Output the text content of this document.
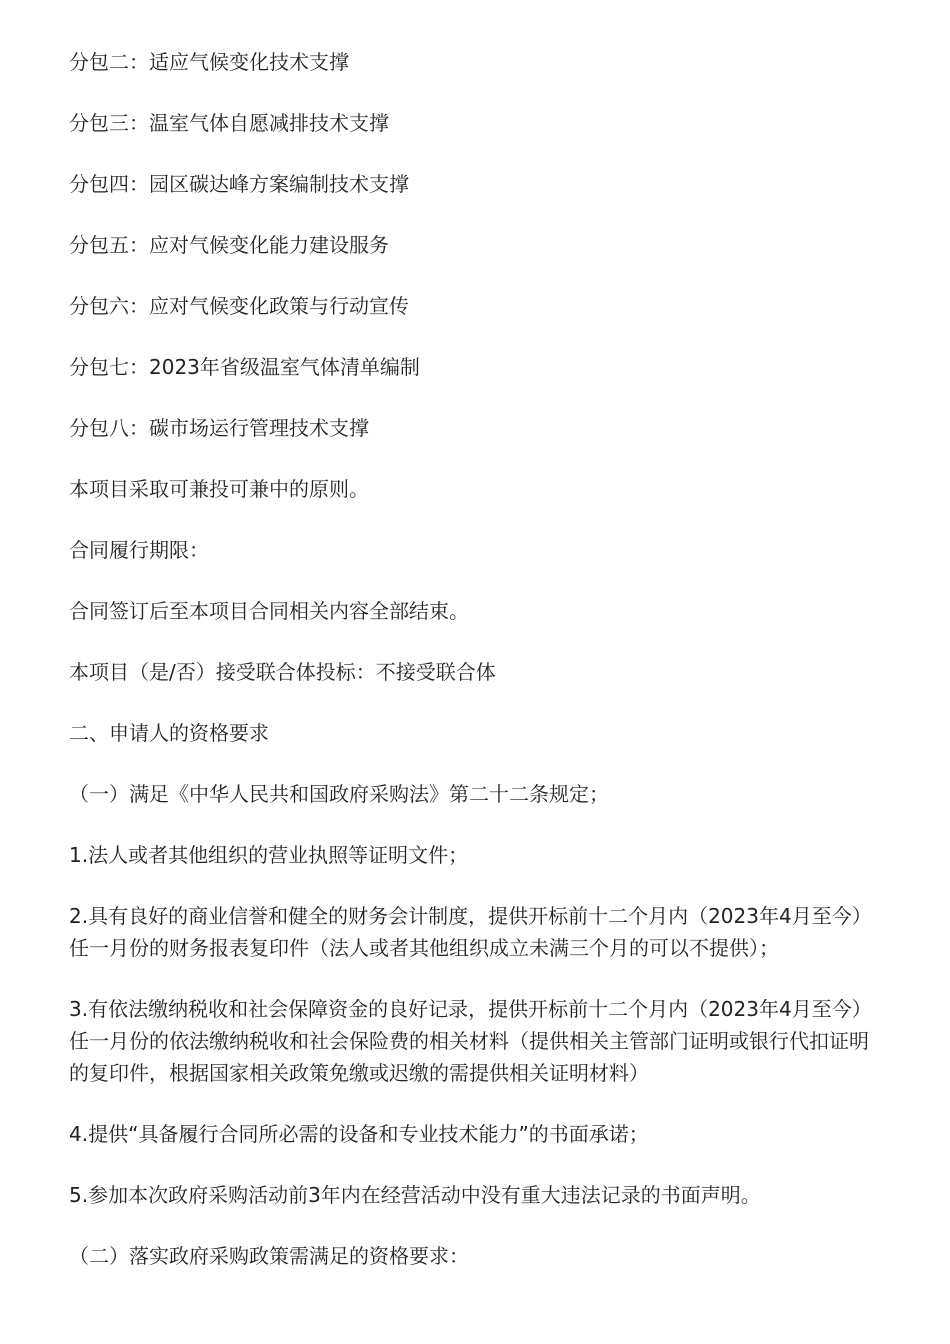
分包二：适应气候变化技术支撑

分包三：温室气体自愿减排技术支撑

分包四：园区碳达峰方案编制技术支撑

分包五：应对气候变化能力建设服务

分包六：应对气候变化政策与行动宣传

分包七：2023年省级温室气体清单编制

分包八：碳市场运行管理技术支撑

本项目采取可兼投可兼中的原则。

合同履行期限：

合同签订后至本项目合同相关内容全部结束。

本项目（是/否）接受联合体投标：不接受联合体

二、申请人的资格要求

（一）满足《中华人民共和国政府采购法》第二十二条规定；

1.法人或者其他组织的营业执照等证明文件；

2.具有良好的商业信誉和健全的财务会计制度，提供开标前十二个月内（2023年4月至今）任一月份的财务报表复印件（法人或者其他组织成立未满三个月的可以不提供）；

3.有依法缴纳税收和社会保障资金的良好记录，提供开标前十二个月内（2023年4月至今）任一月份的依法缴纳税收和社会保险费的相关材料（提供相关主管部门证明或银行代扣证明的复印件，根据国家相关政策免缴或迟缴的需提供相关证明材料）

4.提供“具备履行合同所必需的设备和专业技术能力”的书面承诺；

5.参加本次政府采购活动前3年内在经营活动中没有重大违法记录的书面声明。

（二）落实政府采购政策需满足的资格要求：
